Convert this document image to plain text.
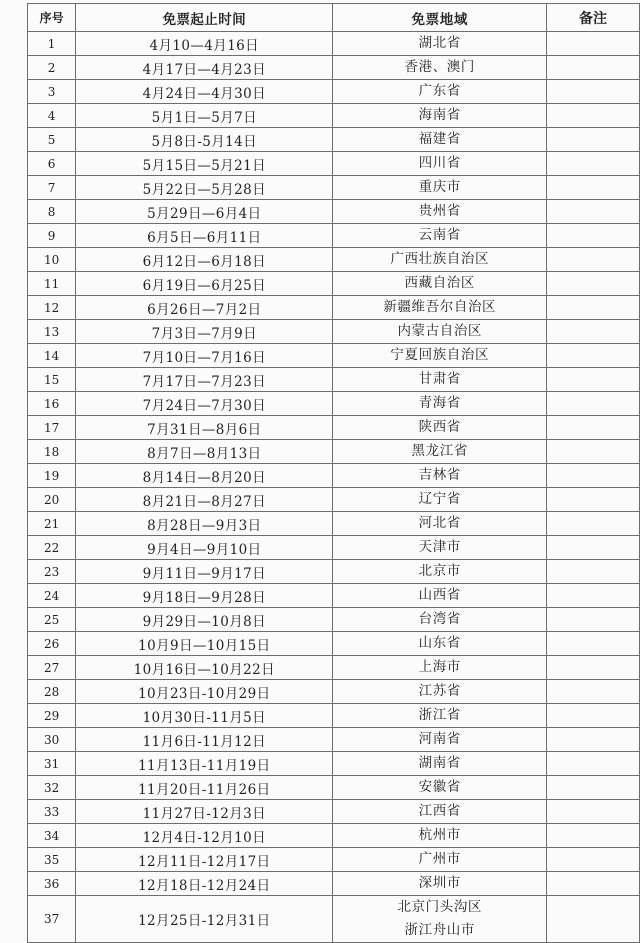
序号	免票起止时间	免票地域	备注
1	4月10—4月16日	湖北省	

2	4月17日—4月23日	香港、澳门	

3	4月24日—4月30日	广东省	

4	5月1日—5月7日	海南省	

5	5月8日-5月14日	福建省	

6	5月15日—5月21日	四川省	

7	5月22日—5月28日	重庆市	

8	5月29日—6月4日	贵州省	

9	6月5日—6月11日	云南省	

10	6月12日—6月18日	广西壮族自治区	

11	6月19日—6月25日	西藏自治区	

12	6月26日—7月2日	新疆维吾尔自治区	

13	7月3日—7月9日	内蒙古自治区	

14	7月10日—7月16日	宁夏回族自治区	

15	7月17日—7月23日	甘肃省	

16	7月24日—7月30日	青海省	

17	7月31日—8月6日	陕西省	

18	8月7日—8月13日	黑龙江省	

19	8月14日—8月20日	吉林省	

20	8月21日—8月27日	辽宁省	

21	8月28日—9月3日	河北省	

22	9月4日—9月10日	天津市	

23	9月11日—9月17日	北京市	

24	9月18日—9月28日	山西省	

25	9月29日—10月8日	台湾省	

26	10月9日—10月15日	山东省	

27	10月16日—10月22日	上海市	

28	10月23日-10月29日	江苏省	

29	10月30日-11月5日	浙江省	

30	11月6日-11月12日	河南省	

31	11月13日-11月19日	湖南省	

32	11月20日-11月26日	安徽省	

33	11月27日-12月3日	江西省	

34	12月4日-12月10日	杭州市	

35	12月11日-12月17日	广州市	

36	12月18日-12月24日	深圳市	

37	12月25日-12月31日	北京门头沟区
浙江舟山市	
